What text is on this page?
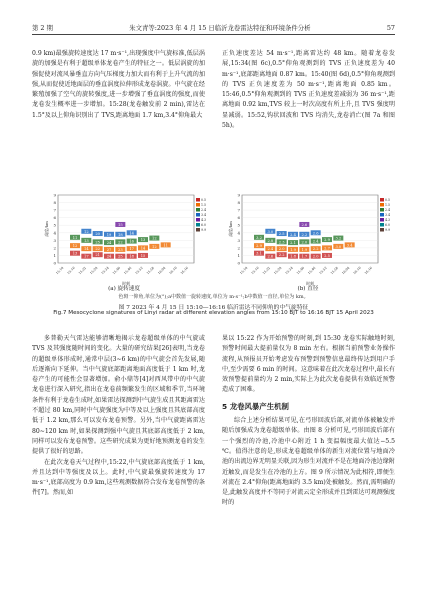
第 2 期	朱文青等:2023 年 4 月 15 日临沂龙卷雷达特征和环境条件分析	57

0.9 km)最强旋转速度达 17 m·s⁻¹,出现强度中气旋标准,低层涡旋的加强是有利于超级单体龙卷产生的特征之一。低层涡旋的加强促使对流风暴垂直方向气压梯度力加大而有利于上升气流的加强,从而促使近地面层的垂直涡度拉伸形成龙卷涡旋。中气旋在经繁殖加强了空气的旋转强度,进一步增强了垂直涡度的强度,而使龙卷发生概率进一步增加。15:28(龙卷触发前 2 min),雷达在 1.5°及以上仰角识别出了 TVS,距离地面 1.7 km,3.4°仰角最大

正负速度差达 54 m·s⁻¹,距离雷达约 48 km。随着龙卷发展,15:34(图 6c),0.5°仰角观测到的 TVS 正负速度差为 40 m·s⁻¹,底部距离地面 0.87 km。15:40(图 6d),0.5°仰角观测到的 TVS 正负速度差为 50 m·s⁻¹,距离地面 0.85 km。15:46,0.5°仰角观测到的 TVS 正负速度差减弱为 36 m·s⁻¹,距离地面 0.92 km,TVS 较上一时次高度有所上升,且 TVS 强度明显减弱。15:52,钩状回波和 TVS 均消失,龙卷消亡(图 7a 和图 5h)。

0
1
2
3
4
5
6
7
8
9
15:10 15:16 15:22 15:28 15:34 15:40 15:46 15:52 15:58 16:04 16:10 16:16
高度/km
时刻
13
12
11
17
14
13
12
21
22
25
20
24
27
24
19
25
23
22
18
15
18
17
16
14
15
14
13
12
12
11
0.5
1.5
2.4
3.4
4.3
6.0
9.9
0
1
2
3
4
5
6
7
8
9
15:10 15:16 15:22 15:28 15:34 15:40 15:46 15:52 15:58 16:04 16:10 16:16
高度/km
时刻
3.1
2.9
3.2
2.6
2.4
2.8
3.0
2.2
2.0
2.3
2.5
1.8
1.9
2.1
2.4
1.7
1.9
2.0
2.2
2.6
2.0
2.2
2.4
2.6
2.5
2.7
2.9
3.0
3.2
3.4
0.5
1.5
2.4
3.4
4.3
6.0
9.9
(a) 旋转速度	(b) 直径
色斑一仰角,单位为(°);a中数值一旋转速度,单位为 m·s⁻¹;b中数值一直径,单位为 km。
图 7 2023 年 4 月 15 日 15:10—16:16 临沂雷达不同仰角的中气旋特征
Fig.7 Mesocyclone signatures of Linyi radar at different elevation angles from 15:10 BJT to 16:16 BJT 15 April 2023

多普勒天气雷达能够清晰地揭示龙卷超级单体的中气旋或 TVS 及其强度随时间的变化。大量的研究结果[26]表明,当龙卷的超级单体形成时,通常中层(3~6 km)的中气旋会首先发展,随后逐渐向下延伸。当中气旋底部距离地面高度低于 1 km 时,龙卷产生的可能性会显著增加。俞小鼎等[4]对西风带中的中气旋龙卷进行深入研究,指出在龙卷前频繁发生的区域和季节,当环境条件有利于龙卷生成时,如果雷达探测到中气旋生成且其距离雷达不超过 80 km,同时中气旋强度为中等及以上强度且其底部高度低于 1.2 km,那么可以发布龙卷预警。另外,当中气旋距离雷达 80~120 km 时,如果探测到强中气旋且其底部高度低于 2 km,同样可以发布龙卷预警。这些研究成果为更好地预测龙卷的发生提供了很好的思路。

在此次龙卷天气过程中,15:22,中气旋底部高度低于 1 km,并且达到中等强度及以上。此时,中气旋最强旋转速度为 17 m·s⁻¹,底部高度为 0.9 km,这些观测数据符合发布龙卷预警的条件[7]。然而,如

果以 15:22 作为开始预警的时刻,到 15:30 龙卷实际触地时刻,预警时间最大提前量仅为 8 min 左右。根据当前预警业务操作流程,从预报员开始考虑发布预警到预警信息最终传达到用户手中,至少需要 6 min 的时间。这意味着在此次龙卷过程中,最长有效预警提前量约为 2 min,实际上为此次龙卷提供有效临近预警造成了困难。

5 龙卷风暴产生机制

综合上述分析结果可见,在弓形回波后部,对流单体被触发并随后加强成为龙卷超级单体。由图 8 分析可见,弓形回波后部有一个强烈的冷池,冷池中心附近 1 h 变温幅度最大值达−5.5 ℃。值得注意的是,形成龙卷超级单体的新生对流位置与地面冷池的出流边界无明显关联,因为形生对流并不是在地面冷池边缘附近触发,而是发生在冷池的上方。图 9 所示情况为此相符,即便生对流在 2.4°仰角(距离地面约 3.5 km)处被触发。然而,需明确的是,此触发高度并不等同于对流云定全形成并且到雷达可观测强度时的
